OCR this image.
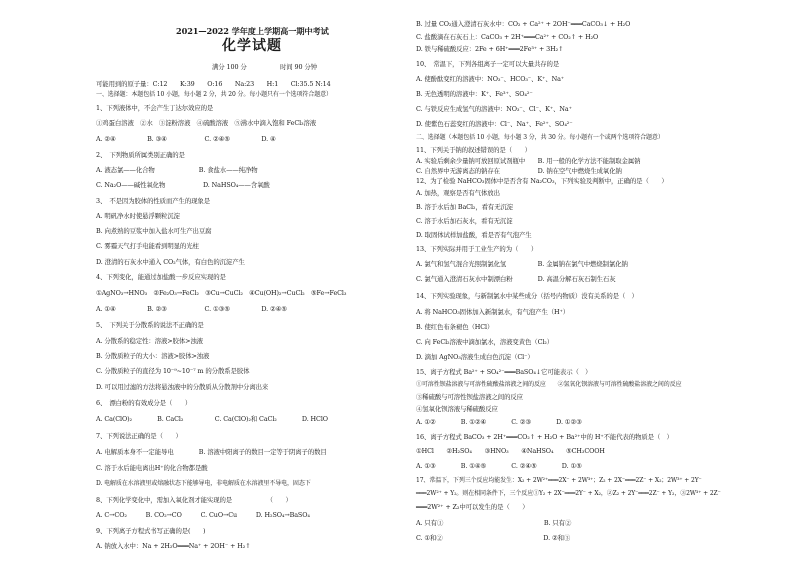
2021—2022 学年度上学期高一期中考试
化学试题
满分 100 分	时间 90 分钟
可能用到的原子量：C:12　　K:39　　O:16　　Na:23　　H:1　　Cl:35.5 N:14
一、选择题：本题包括 10 小题，每小题 2 分，共 20 分。每小题只有一个选项符合题意）
1、下列液体中，不会产生丁达尔效应的是
①鸡蛋白溶液　②水　③淀粉溶液　④硫酸溶液　⑤沸水中滴入饱和 FeCl₃溶液
A. ②④　　　　　B. ③④　　　　　　C. ②④⑤　　　　　D. ④
2、　下列物质所属类别正确的是
A. 液态氯——化合物　　　　　　　B. 食盐水——纯净物
C. Na₂O——碱性氧化物　　　　　　D. NaHSO₄——含氧酸
3、　不是因为胶体的性质而产生的现象是
A. 明矾净水时使悬浮颗粒沉淀
B. 向煮熟的豆浆中加入盐水可生产出豆腐
C. 雾霾天气打手电能看到明显的光柱
D. 澄清的石灰水中通入 CO₂气体，有白色的沉淀产生
4、下列变化，能通过加盐酸一步反应实现的是
①AgNO₃→HNO₃　②Fe₂O₃→FeCl₂　③Cu→CuCl₂　④Cu(OH)₂→CuCl₂　⑤Fe→FeCl₃
A. ①④　　　　　B. ②③　　　　　　C. ①③⑤　　　　　D. ②④⑤
5、　下列关于分散系的说法不正确的是
A. 分散系的稳定性：溶液>胶体>浊液
B. 分散质粒子的大小：溶液>胶体>浊液
C. 分散质粒子的直径为 10⁻⁹~10⁻⁷ m 的分散系是胶体
D. 可以用过滤的方法将悬浊液中的分散质从分散剂中分离出来
6、　漂白粉的有效成分是（　　）
A. Ca(ClO)₂　　　　B. CaCl₂　　　　　C. Ca(ClO)₂和 CaCl₂　　　　D. HClO
7、下列说法正确的是（　　）
A. 电解质本身不一定能导电　　　　B. 溶液中阳离子的数目一定等于阴离子的数目
C. 溶于水后能电离出H⁺的化合物都是酸
D. 电解质在水溶液里或熔融状态下能够导电，非电解质在水溶液里不导电，固态下
8、下列化学变化中，需加入氧化剂才能实现的是　　　　　　（　　）
A. C→CO₂　　　B. CO₂→CO　　　C. CuO→Cu　　　D. H₂SO₄→BaSO₄
9、下列离子方程式书写正确的是(　　)
A. 钠放入水中：Na + 2H₂O═══Na⁺ + 2OH⁻ + H₂↑
B. 过量 CO₂通入澄清石灰水中：CO₂ + Ca²⁺ + 2OH⁻═══CaCO₃↓ + H₂O
C. 盐酸滴在石灰石上：CaCO₃ + 2H⁺═══Ca²⁺ + CO₂↑ + H₂O
D. 铁与稀硫酸反应：2Fe + 6H⁺═══2Fe³⁺ + 3H₂↑
10、　常温下，下列各组离子一定可以大量共存的是
A. 使酚酞变红的溶液中：NO₃⁻、HCO₃⁻、K⁺、Na⁺
B. 无色透明的溶液中：K⁺、Fe³⁺、SO₄²⁻
C. 与铁反应生成氢气的溶液中：NO₃⁻、Cl⁻、K⁺、Na⁺
D. 使紫色石蕊变红的溶液中：Cl⁻、Na⁺、Fe²⁺、SO₄²⁻
二、选择题（本题包括 10 小题，每小题 3 分，共 30 分。每小题有一个或两个选项符合题意）
11、下列关于钠的叙述错误的是（　　）
A. 实验后剩余少量钠可放回原试剂瓶中　　B. 用一般的化学方法不能制取金属钠
C. 自然界中无游离态的钠存在　　　　　　D. 钠在空气中燃烧生成氧化钠
12、为了检验 NaHCO₃固体中是否含有 Na₂CO₃，下列实验及判断中，正确的是（　　）
A. 加热，观察是否有气体放出
B. 溶于水后加 BaCl₂，看有无沉淀
C. 溶于水后加石灰水，看有无沉淀
D. 取固体试样加盐酸，看是否有气泡产生
13、下列实际并用于工业生产的为（　　）
A. 氯气和氢气混合光照制氯化氢　　　　　B. 金属钠在氯气中燃烧制氯化钠
C. 氯气通入澄清石灰水中制漂白粉　　　　D. 高温分解石灰石制生石灰
14、下列实验现象，与新制氯水中某些成分（括号内物质）没有关系的是（　）
A. 将 NaHCO₃固体加入新制氯水，有气泡产生（H⁺）
B. 使红色布条褪色（HCl）
C. 向 FeCl₂溶液中滴加氯水，溶液变黄色（Cl₂）
D. 滴加 AgNO₃溶液生成白色沉淀（Cl⁻）
15、离子方程式 Ba²⁺ + SO₄²⁻═══BaSO₄↓它可能表示（　）
①可溶性钡盐溶液与可溶性硫酸盐溶液之间的反应　　②氢氧化钡溶液与可溶性硫酸盐溶液之间的反应
③稀硫酸与可溶性钡盐溶液之间的反应
④氢氧化钡溶液与稀硫酸反应
A. ①②　　　　B. ①②④　　　　C. ②③　　　　D. ①②③
16、离子方程式 BaCO₃ + 2H⁺═══CO₂↑ + H₂O + Ba²⁺中的 H⁺不能代表的物质是（　）
①HCl　　②H₂SO₄　　③HNO₃　　④NaHSO₄　　⑤CH₃COOH
A. ①③　　　　B. ①④⑤　　　　C. ②④⑤　　　　D. ①⑤
17、常温下，下列三个反应均能发生：X₂ + 2W²⁺═══2X⁻ + 2W³⁺；Z₂ + 2X⁻═══2Z⁻ + X₂；2W³⁺ + 2Y⁻
═══2W²⁺ + Y₂。则在相同条件下，三个反应①Y₂ + 2X⁻═══2Y⁻ + X₂，②Z₂ + 2Y⁻═══2Z⁻ + Y₂，③2W³⁺ + 2Z⁻
═══2W²⁺ + Z₂中可以发生的是（　　）
A. 只有①　　　　　　　　　　　　　　　　B. 只有②
C. ①和②　　　　　　　　　　　　　　　　D. ②和③
